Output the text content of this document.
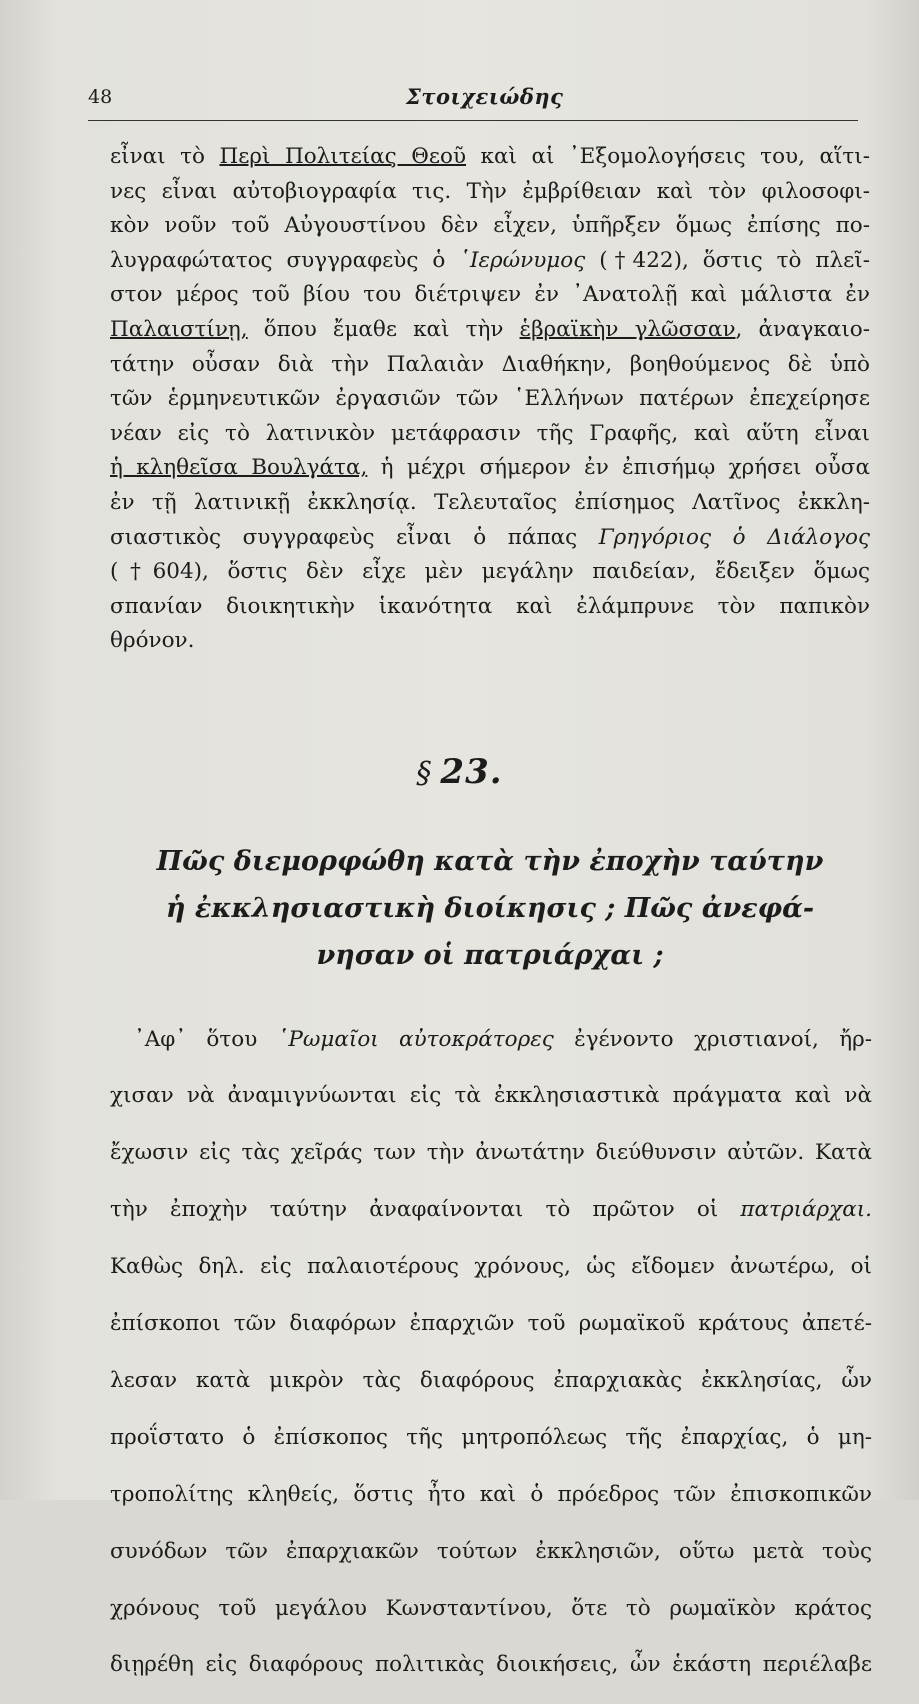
48	Στοιχειώδης

εἶναι τὸ Περὶ Πολιτείας Θεοῦ καὶ αἱ ᾿Εξομολογήσεις του, αἵτι-

νες εἶναι αὐτοβιογραφία τις. Τὴν ἐμβρίθειαν καὶ τὸν φιλοσοφι-

κὸν νοῦν τοῦ Αὐγουστίνου δὲν εἶχεν, ὑπῆρξεν ὅμως ἐπίσης πο-

λυγραφώτατος συγγραφεὺς ὁ ῾Ιερώνυμος (†422), ὅστις τὸ πλεῖ-

στον μέρος τοῦ βίου του διέτριψεν ἐν ᾿Ανατολῇ καὶ μάλιστα ἐν

Παλαιστίνῃ, ὅπου ἔμαθε καὶ τὴν ἑβραϊκὴν γλῶσσαν, ἀναγκαιο-

τάτην οὖσαν διὰ τὴν Παλαιὰν Διαθήκην, βοηθούμενος δὲ ὑπὸ

τῶν ἑρμηνευτικῶν ἐργασιῶν τῶν ῾Ελλήνων πατέρων ἐπεχείρησε

νέαν εἰς τὸ λατινικὸν μετάφρασιν τῆς Γραφῆς, καὶ αὕτη εἶναι

ἡ κληθεῖσα Βουλγάτα, ἡ μέχρι σήμερον ἐν ἐπισήμῳ χρήσει οὖσα

ἐν τῇ λατινικῇ ἐκκλησίᾳ. Τελευταῖος ἐπίσημος Λατῖνος ἐκκλη-

σιαστικὸς συγγραφεὺς εἶναι ὁ πάπας Γρηγόριος ὁ Διάλογος

(†604), ὅστις δὲν εἶχε μὲν μεγάλην παιδείαν, ἔδειξεν ὅμως

σπανίαν διοικητικὴν ἱκανότητα καὶ ἐλάμπρυνε τὸν παπικὸν

θρόνον.

§ 23.
Πῶς διεμορφώθη κατὰ τὴν ἐποχὴν ταύτην
ἡ ἐκκλησιαστικὴ διοίκησις ; Πῶς ἀνεφά-
νησαν οἱ πατριάρχαι ;

᾿Αφ᾿ ὅτου ῾Ρωμαῖοι αὐτοκράτορες ἐγένοντο χριστιανοί, ἤρ-

χισαν νὰ ἀναμιγνύωνται εἰς τὰ ἐκκλησιαστικὰ πράγματα καὶ νὰ

ἔχωσιν εἰς τὰς χεῖράς των τὴν ἀνωτάτην διεύθυνσιν αὐτῶν. Κατὰ

τὴν ἐποχὴν ταύτην ἀναφαίνονται τὸ πρῶτον οἱ πατριάρχαι.

Καθὼς δηλ. εἰς παλαιοτέρους χρόνους, ὡς εἴδομεν ἀνωτέρω, οἱ

ἐπίσκοποι τῶν διαφόρων ἐπαρχιῶν τοῦ ρωμαϊκοῦ κράτους ἀπετέ-

λεσαν κατὰ μικρὸν τὰς διαφόρους ἐπαρχιακὰς ἐκκλησίας, ὧν

προΐστατο ὁ ἐπίσκοπος τῆς μητροπόλεως τῆς ἐπαρχίας, ὁ μη-

τροπολίτης κληθείς, ὅστις ἦτο καὶ ὁ πρόεδρος τῶν ἐπισκοπικῶν

συνόδων τῶν ἐπαρχιακῶν τούτων ἐκκλησιῶν, οὕτω μετὰ τοὺς

χρόνους τοῦ μεγάλου Κωνσταντίνου, ὅτε τὸ ρωμαϊκὸν κράτος

διῃρέθη εἰς διαφόρους πολιτικὰς διοικήσεις, ὧν ἑκάστη περιέλαβε
